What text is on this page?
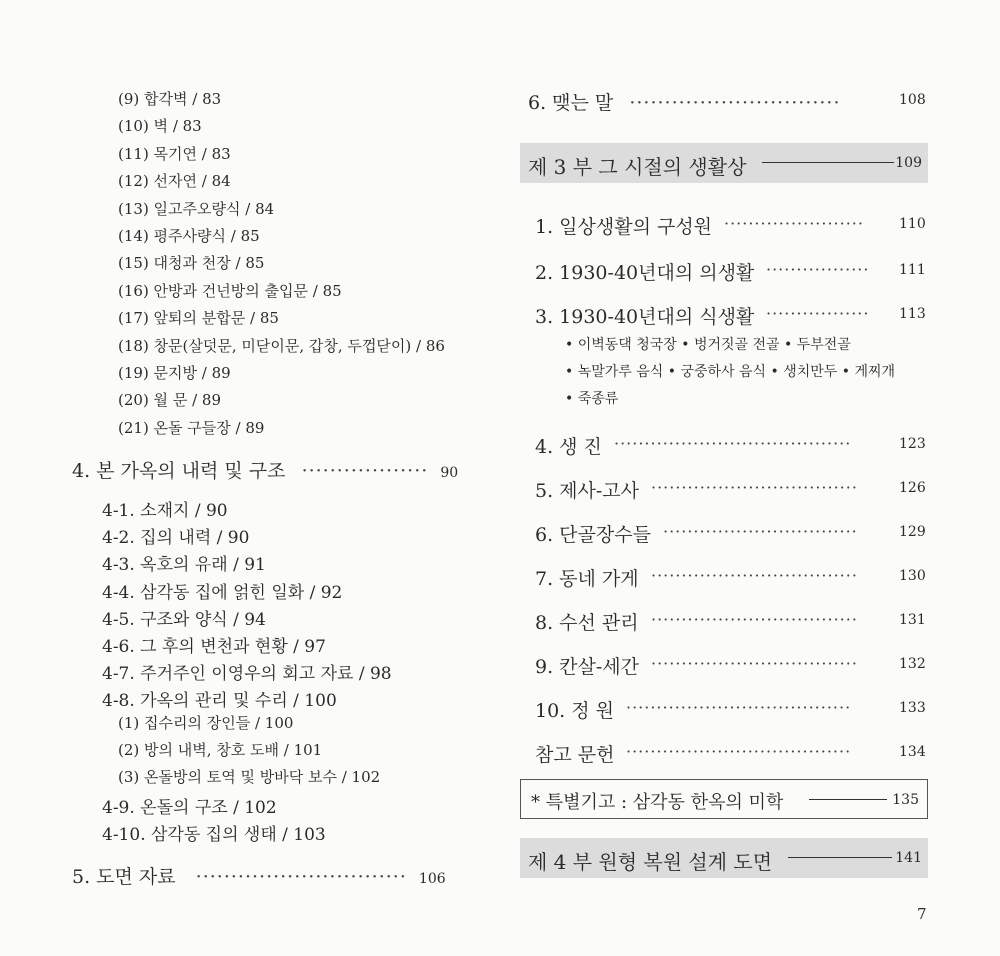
(9) 합각벽 / 83
(10) 벽 / 83
(11) 목기연 / 83
(12) 선자연 / 84
(13) 일고주오량식 / 84
(14) 평주사량식 / 85
(15) 대청과 천장 / 85
(16) 안방과 건넌방의 출입문 / 85
(17) 앞퇴의 분합문 / 85
(18) 창문(살덧문, 미닫이문, 갑창, 두껍닫이) / 86
(19) 문지방 / 89
(20) 월 문 / 89
(21) 온돌 구들장 / 89
4. 본 가옥의 내력 및 구조 ·················· 90
4-1. 소재지 / 90
4-2. 집의 내력 / 90
4-3. 옥호의 유래 / 91
4-4. 삼각동 집에 얽힌 일화 / 92
4-5. 구조와 양식 / 94
4-6. 그 후의 변천과 현황 / 97
4-7. 주거주인 이영우의 회고 자료 / 98
4-8. 가옥의 관리 및 수리 / 100
(1) 집수리의 장인들 / 100
(2) 방의 내벽, 창호 도배 / 101
(3) 온돌방의 토역 및 방바닥 보수 / 102
4-9. 온돌의 구조 / 102
4-10. 삼각동 집의 생태 / 103
5. 도면 자료 ······························ 106
6. 맺는 말 ······························	108
제 3 부 그 시절의 생활상	109
1. 일상생활의 구성원 ·······················	110
2. 1930-40년대의 의생활 ·················	111
3. 1930-40년대의 식생활 ·················	113
• 이벽동댁 청국장 • 벙거짓골 전골 • 두부전골
• 녹말가루 음식 • 궁중하사 음식 • 생치만두 • 게찌개
• 죽종류
4. 생 진 ·······································	123
5. 제사-고사 ··································	126
6. 단골장수들 ································	129
7. 동네 가게 ··································	130
8. 수선 관리 ··································	131
9. 칸살-세간 ··································	132
10. 정 원 ·····································	133
참고 문헌 ·····································	134
* 특별기고 : 삼각동 한옥의 미학	135
제 4 부 원형 복원 설계 도면	141
7
